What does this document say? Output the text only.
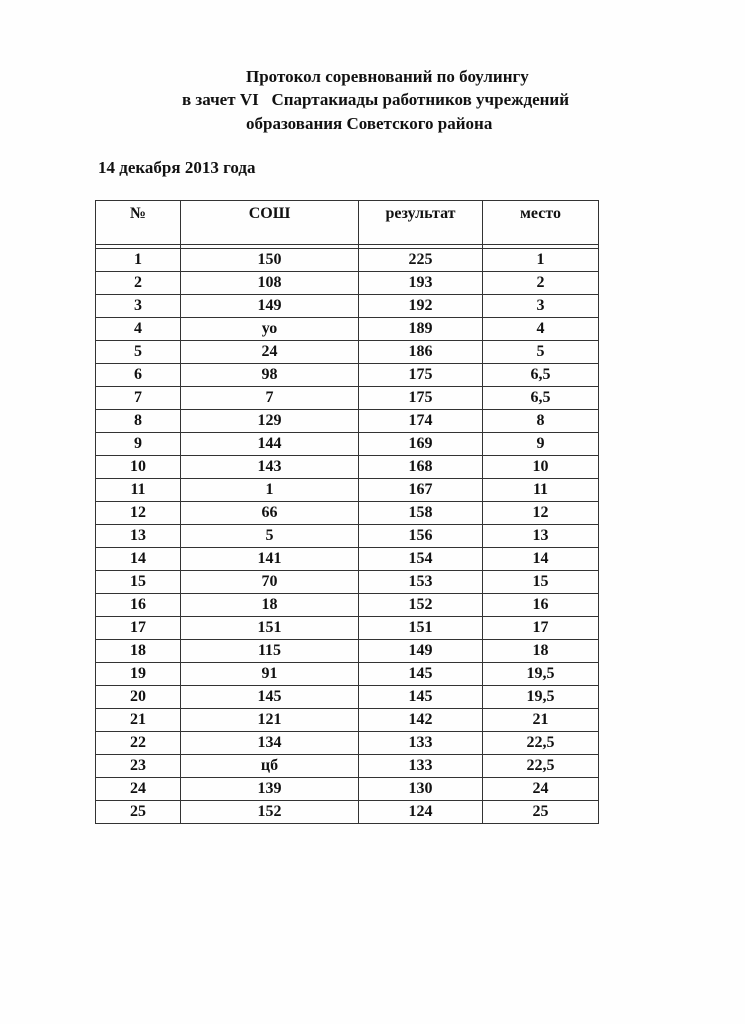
Протокол соревнований по боулингу

в зачет VI   Спартакиады работников учреждений

образования Советского района

14 декабря 2013 года

№	СОШ	результат	место

1	150	225	1
2	108	193	2
3	149	192	3
4	уо	189	4
5	24	186	5
6	98	175	6,5
7	7	175	6,5
8	129	174	8
9	144	169	9
10	143	168	10
11	1	167	11
12	66	158	12
13	5	156	13
14	141	154	14
15	70	153	15
16	18	152	16
17	151	151	17
18	115	149	18
19	91	145	19,5
20	145	145	19,5
21	121	142	21
22	134	133	22,5
23	цб	133	22,5
24	139	130	24
25	152	124	25
